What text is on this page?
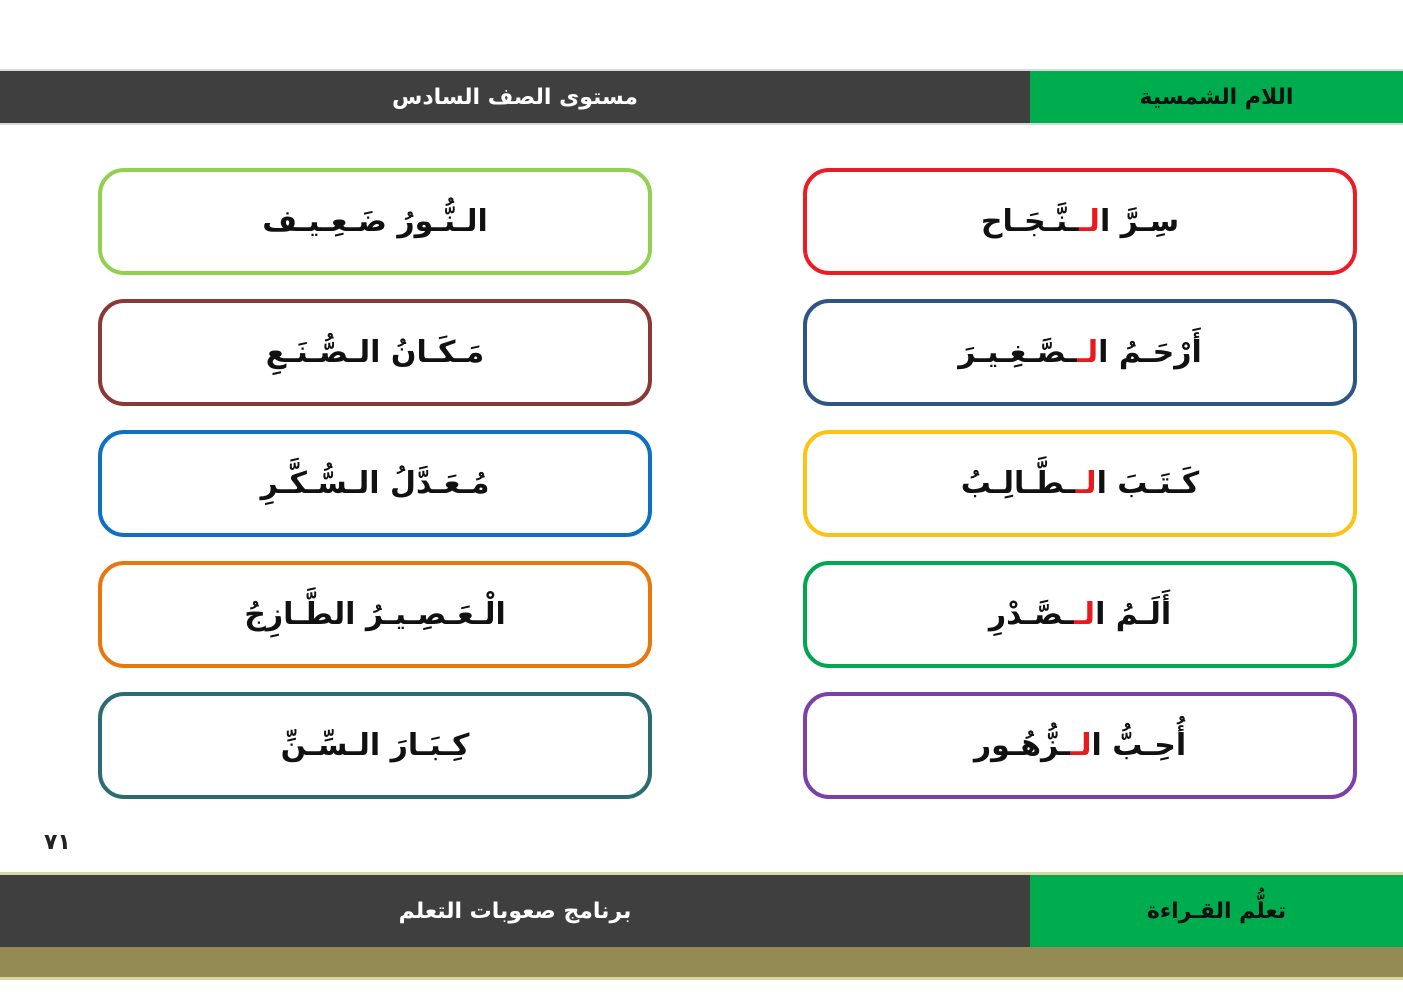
مستوى الصف السادس	اللام الشمسية
سِـرَّ ا
لـ
ـنَّـجَـاح
الـنُّـورُ ضَـعِـيـف
أَرْحَـمُ ا
لـ
ـصَّـغِـيـرَ
مَـكَـانُ الـصُّـنَـعِ
كَـتَـبَ ا
لـ
ـطَّـالِـبُ
مُـعَـدَّلُ الـسُّـكَّـرِ
أَلَـمُ ا
لـ
ـصَّـدْرِ
الْـعَـصِـيـرُ الطَّـازِجُ
أُحِـبُّ ا
لـ
ـزُّهُـور
كِـبَـارَ الـسِّـنِّ
٧١
برنامج صعوبات التعلم	تعلُّم القـراءة
